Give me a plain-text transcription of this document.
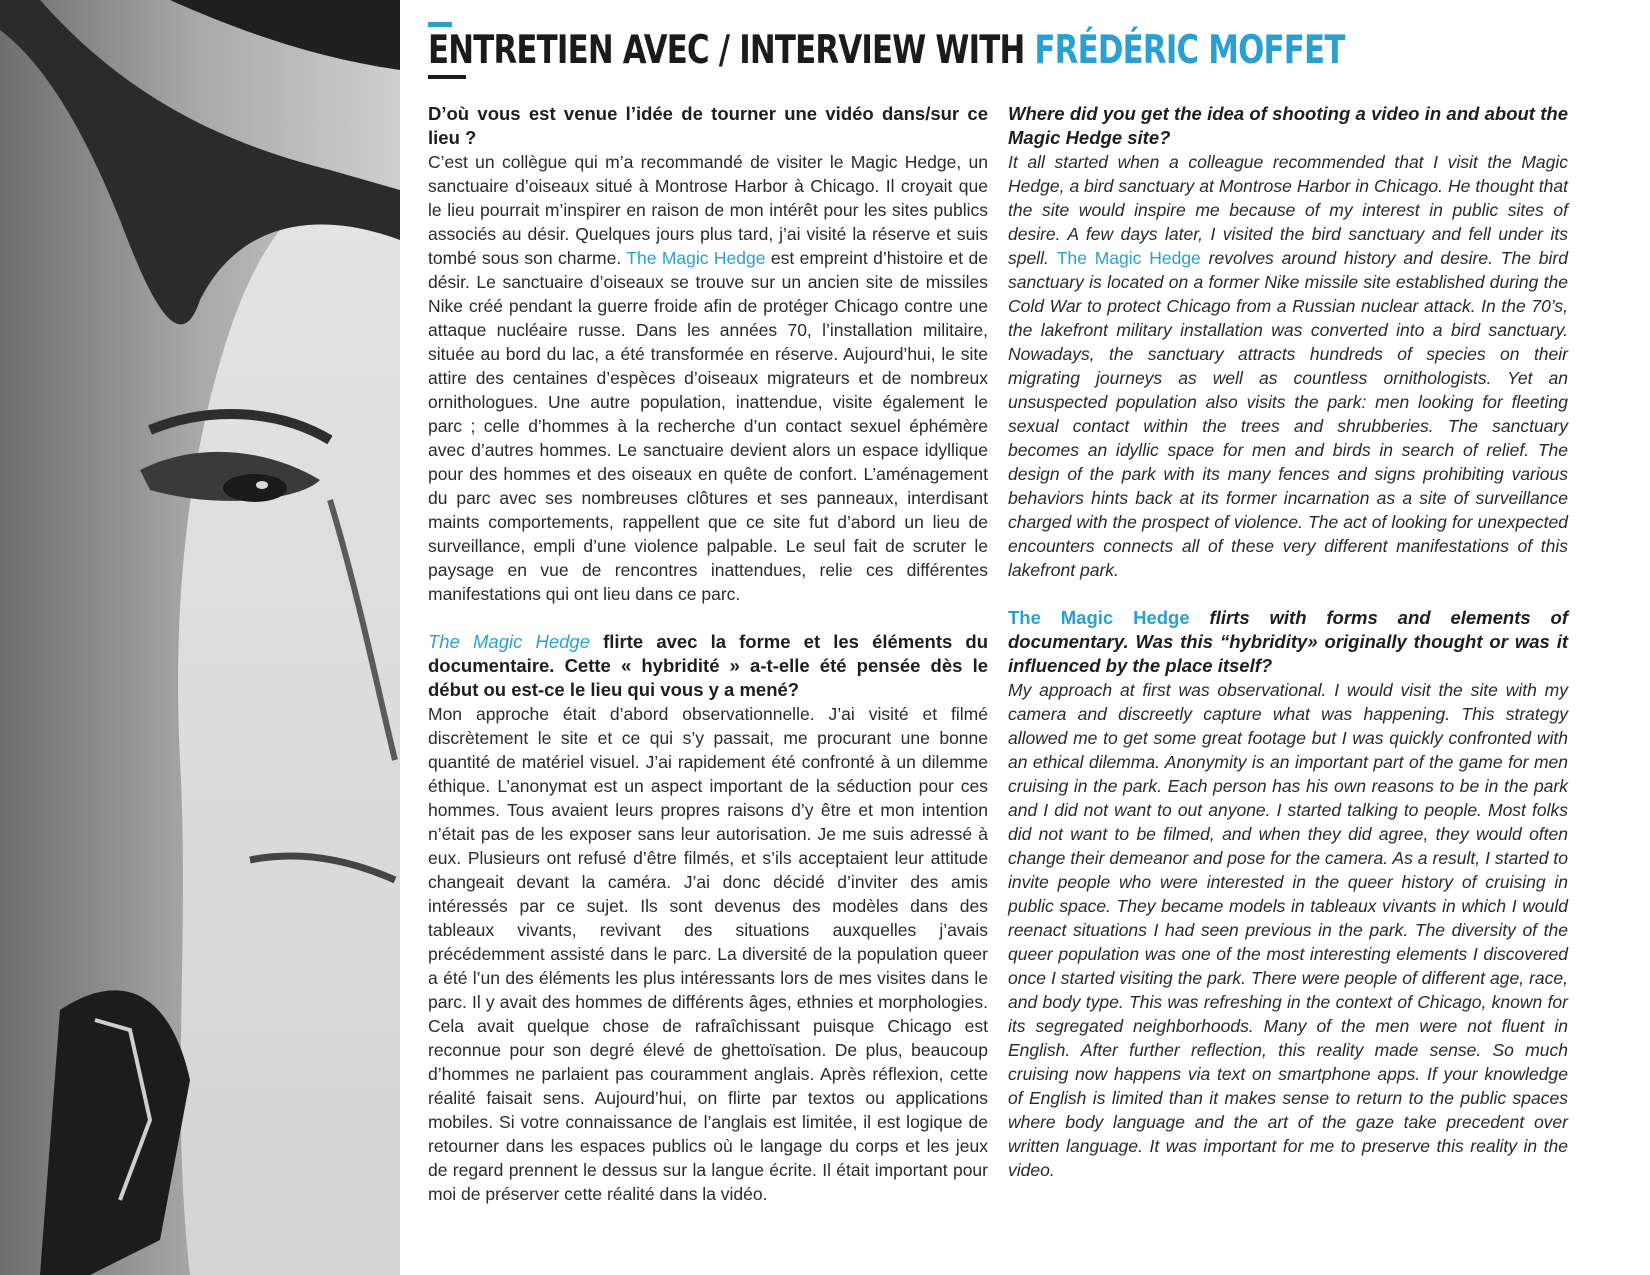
ENTRETIEN AVEC / INTERVIEW WITH FRÉDÉRIC MOFFET

D’où vous est venue l’idée de tourner une vidéo dans/sur ce lieu ?

C’est un collègue qui m’a recommandé de visiter le Magic Hedge, un sanctuaire d’oiseaux situé à Montrose Harbor à Chicago. Il croyait que le lieu pourrait m’inspirer en raison de mon intérêt pour les sites publics associés au désir. Quelques jours plus tard, j’ai visité la réserve et suis tombé sous son charme. The Magic Hedge est empreint d’histoire et de désir. Le sanctuaire d’oiseaux se trouve sur un ancien site de missiles Nike créé pendant la guerre froide afin de protéger Chicago contre une attaque nucléaire russe. Dans les années 70, l’installation militaire, située au bord du lac, a été transformée en réserve. Aujourd’hui, le site attire des centaines d’espèces d’oiseaux migrateurs et de nombreux ornithologues. Une autre population, inattendue, visite également le parc ; celle d’hommes à la recherche d’un contact sexuel éphémère avec d’autres hommes. Le sanctuaire devient alors un espace idyllique pour des hommes et des oiseaux en quête de confort. L’aménagement du parc avec ses nombreuses clôtures et ses panneaux, interdisant maints comportements, rappellent que ce site fut d’abord un lieu de surveillance, empli d’une violence palpable. Le seul fait de scruter le paysage en vue de rencontres inattendues, relie ces différentes manifestations qui ont lieu dans ce parc.

The Magic Hedge flirte avec la forme et les éléments du documentaire. Cette « hybridité » a-t-elle été pensée dès le début ou est-ce le lieu qui vous y a mené?

Mon approche était d’abord observationnelle. J’ai visité et filmé discrètement le site et ce qui s’y passait, me procurant une bonne quantité de matériel visuel. J’ai rapidement été confronté à un dilemme éthique. L’anonymat est un aspect important de la séduction pour ces hommes. Tous avaient leurs propres raisons d’y être et mon intention n’était pas de les exposer sans leur autorisation. Je me suis adressé à eux. Plusieurs ont refusé d’être filmés, et s’ils acceptaient leur attitude changeait devant la caméra. J’ai donc décidé d’inviter des amis intéressés par ce sujet. Ils sont devenus des modèles dans des tableaux vivants, revivant des situations auxquelles j’avais précédemment assisté dans le parc. La diversité de la population queer a été l’un des éléments les plus intéressants lors de mes visites dans le parc. Il y avait des hommes de différents âges, ethnies et morphologies. Cela avait quelque chose de rafraîchissant puisque Chicago est reconnue pour son degré élevé de ghettoïsation. De plus, beaucoup d’hommes ne parlaient pas couramment anglais. Après réflexion, cette réalité faisait sens. Aujourd’hui, on flirte par textos ou applications mobiles. Si votre connaissance de l’anglais est limitée, il est logique de retourner dans les espaces publics où le langage du corps et les jeux de regard prennent le dessus sur la langue écrite. Il était important pour moi de préserver cette réalité dans la vidéo.

Where did you get the idea of shooting a video in and about the Magic Hedge site?

It all started when a colleague recommended that I visit the Magic Hedge, a bird sanctuary at Montrose Harbor in Chicago. He thought that the site would inspire me because of my interest in public sites of desire. A few days later, I visited the bird sanctuary and fell under its spell. The Magic Hedge revolves around history and desire. The bird sanctuary is located on a former Nike missile site established during the Cold War to protect Chicago from a Russian nuclear attack. In the 70’s, the lakefront military installation was converted into a bird sanctuary. Nowadays, the sanctuary attracts hundreds of species on their migrating journeys as well as countless ornithologists. Yet an unsuspected population also visits the park: men looking for fleeting sexual contact within the trees and shrubberies. The sanctuary becomes an idyllic space for men and birds in search of relief. The design of the park with its many fences and signs prohibiting various behaviors hints back at its former incarnation as a site of surveillance charged with the prospect of violence. The act of looking for unexpected encounters connects all of these very different manifestations of this lakefront park.

The Magic Hedge flirts with forms and elements of documentary. Was this “hybridity» originally thought or was it influenced by the place itself?

My approach at first was observational. I would visit the site with my camera and discreetly capture what was happening. This strategy allowed me to get some great footage but I was quickly confronted with an ethical dilemma. Anonymity is an important part of the game for men cruising in the park. Each person has his own reasons to be in the park and I did not want to out anyone. I started talking to people. Most folks did not want to be filmed, and when they did agree, they would often change their demeanor and pose for the camera. As a result, I started to invite people who were interested in the queer history of cruising in public space. They became models in tableaux vivants in which I would reenact situations I had seen previous in the park. The diversity of the queer population was one of the most interesting elements I discovered once I started visiting the park. There were people of different age, race, and body type. This was refreshing in the context of Chicago, known for its segregated neighborhoods. Many of the men were not fluent in English. After further reflection, this reality made sense. So much cruising now happens via text on smartphone apps. If your knowledge of English is limited than it makes sense to return to the public spaces where body language and the art of the gaze take precedent over written language. It was important for me to preserve this reality in the video.
